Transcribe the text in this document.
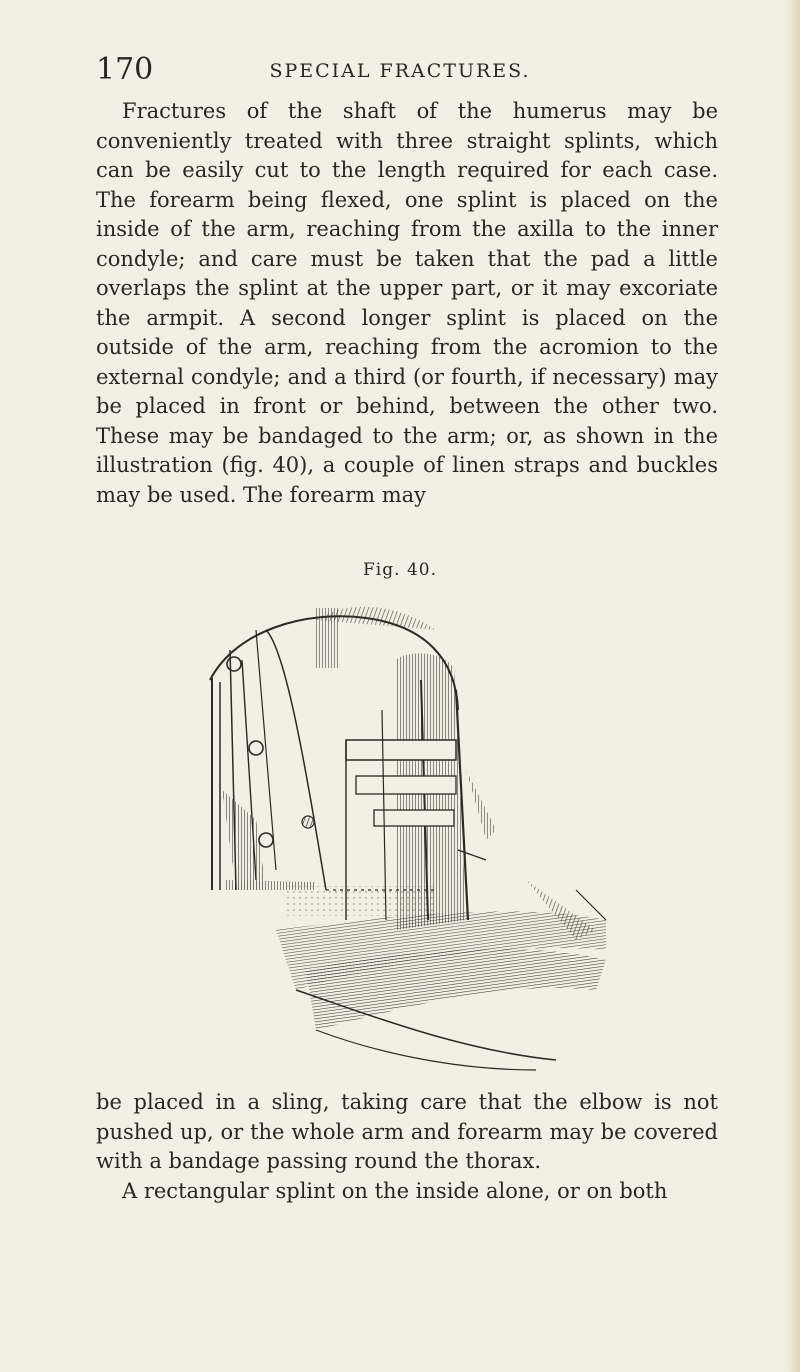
170	SPECIAL FRACTURES.

Fractures of the shaft of the humerus may be conveniently treated with three straight splints, which can be easily cut to the length required for each case. The forearm being flexed, one splint is placed on the inside of the arm, reaching from the axilla to the inner condyle; and care must be taken that the pad a little overlaps the splint at the upper part, or it may excoriate the armpit. A second longer splint is placed on the outside of the arm, reaching from the acromion to the external condyle; and a third (or fourth, if necessary) may be placed in front or behind, between the other two. These may be bandaged to the arm; or, as shown in the illustration (fig. 40), a couple of linen straps and buckles may be used. The forearm may

Fig. 40.

be placed in a sling, taking care that the elbow is not pushed up, or the whole arm and forearm may be covered with a bandage passing round the thorax.
A rectangular splint on the inside alone, or on both
